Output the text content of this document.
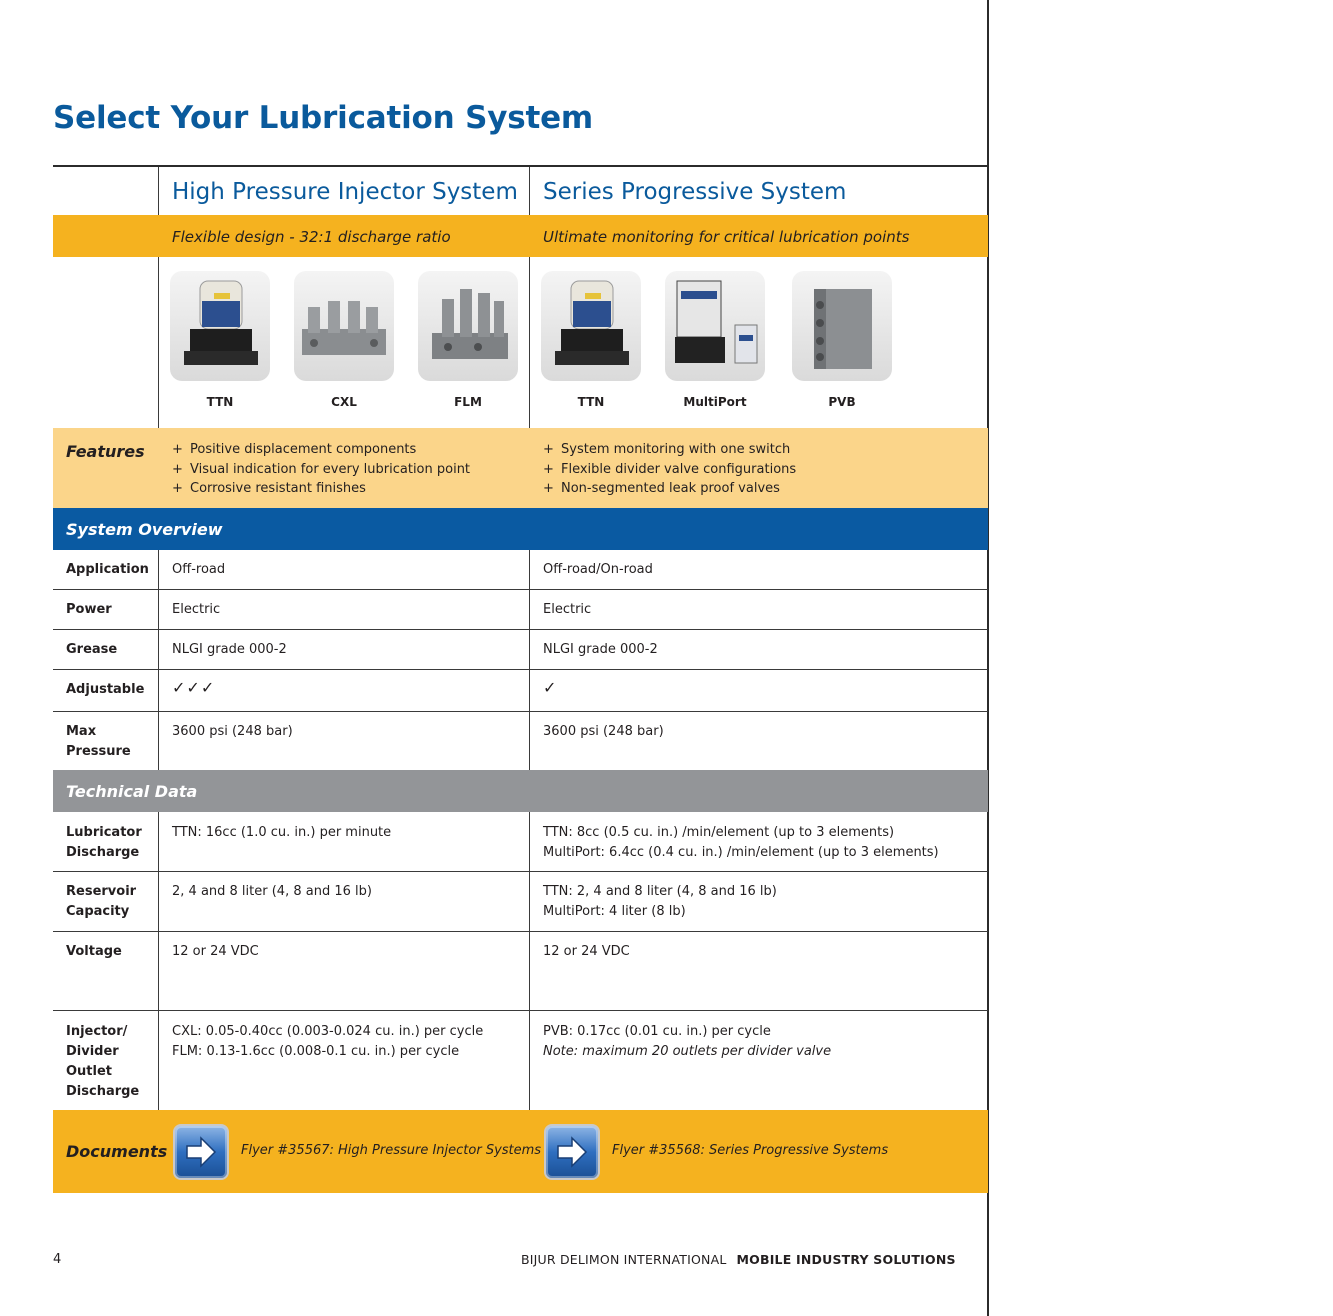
Select Your Lubrication System
High Pressure Injector System Series Progressive System
Flexible design - 32:1 discharge ratio	Ultimate monitoring for critical lubrication points
TTN	CXL	FLM	TTN	MultiPort	PVB
Features
+	Positive displacement components
+ Visual indication for every lubrication point
+ Corrosive resistant finishes
+ System monitoring with one switch
+ Flexible divider valve configurations
+ Non-segmented leak proof valves
System Overview
Application Off-road	Off-road/On-road
Power	Electric	Electric
Grease	NLGI grade 000-2	NLGI grade 000-2
Adjustable ✓✓✓	✓
Max Pressure
3600 psi (248 bar)	3600 psi (248 bar)
Technical Data
Lubricator Discharge
TTN: 16cc (1.0 cu. in.) per minute	TTN: 8cc (0.5 cu. in.) /min/element (up to 3 elements)
MultiPort: 6.4cc (0.4 cu. in.) /min/element (up to 3 elements)
Reservoir Capacity
2, 4 and 8 liter (4, 8 and 16 lb)	TTN: 2, 4 and 8 liter (4, 8 and 16 lb)
MultiPort: 4 liter (8 lb)
Voltage	12 or 24 VDC	12 or 24 VDC
Injector/ Divider Outlet Discharge
CXL: 0.05-0.40cc (0.003-0.024 cu. in.) per cycle
FLM: 0.13-1.6cc (0.008-0.1 cu. in.) per cycle
PVB: 0.17cc (0.01 cu. in.) per cycle
Note: maximum 20 outlets per divider valve
Documents	Flyer #35567: High Pressure Injector Systems	Flyer #35568: Series Progressive Systems
4	BIJUR DELIMON INTERNATIONAL MOBILE INDUSTRY SOLUTIONS
